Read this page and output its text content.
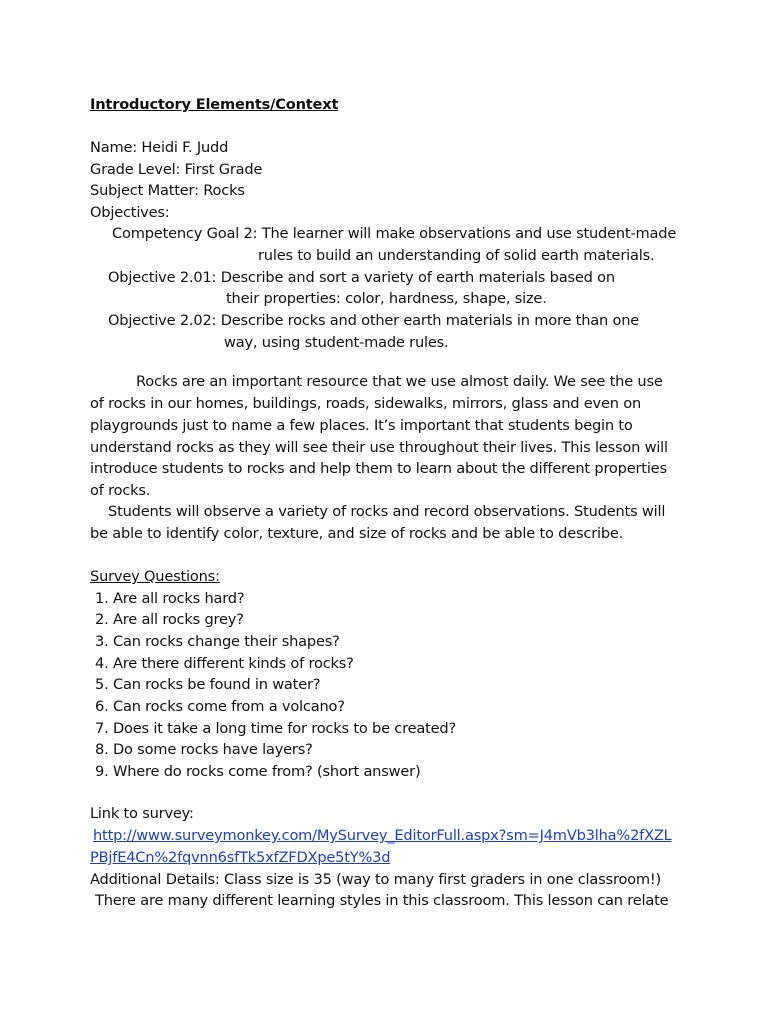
Introductory Elements/Context
Name: Heidi F. Judd
Grade Level: First Grade
Subject Matter: Rocks
Objectives:
Competency Goal 2: The learner will make observations and use student-made
rules to build an understanding of solid earth materials.
Objective 2.01: Describe and sort a variety of earth materials based on
their properties: color, hardness, shape, size.
Objective 2.02: Describe rocks and other earth materials in more than one
way, using student-made rules.
Rocks are an important resource that we use almost daily. We see the use
of rocks in our homes, buildings, roads, sidewalks, mirrors, glass and even on
playgrounds just to name a few places. It’s important that students begin to
understand rocks as they will see their use throughout their lives. This lesson will
introduce students to rocks and help them to learn about the different properties
of rocks.
Students will observe a variety of rocks and record observations. Students will
be able to identify color, texture, and size of rocks and be able to describe.
Survey Questions:
1. Are all rocks hard?
2. Are all rocks grey?
3. Can rocks change their shapes?
4. Are there different kinds of rocks?
5. Can rocks be found in water?
6. Can rocks come from a volcano?
7. Does it take a long time for rocks to be created?
8. Do some rocks have layers?
9. Where do rocks come from? (short answer)
Link to survey:
http://www.surveymonkey.com/MySurvey_EditorFull.aspx?sm=J4mVb3lha%2fXZL
PBjfE4Cn%2fqvnn6sfTk5xfZFDXpe5tY%3d
Additional Details: Class size is 35 (way to many first graders in one classroom!)
There are many different learning styles in this classroom. This lesson can relate
